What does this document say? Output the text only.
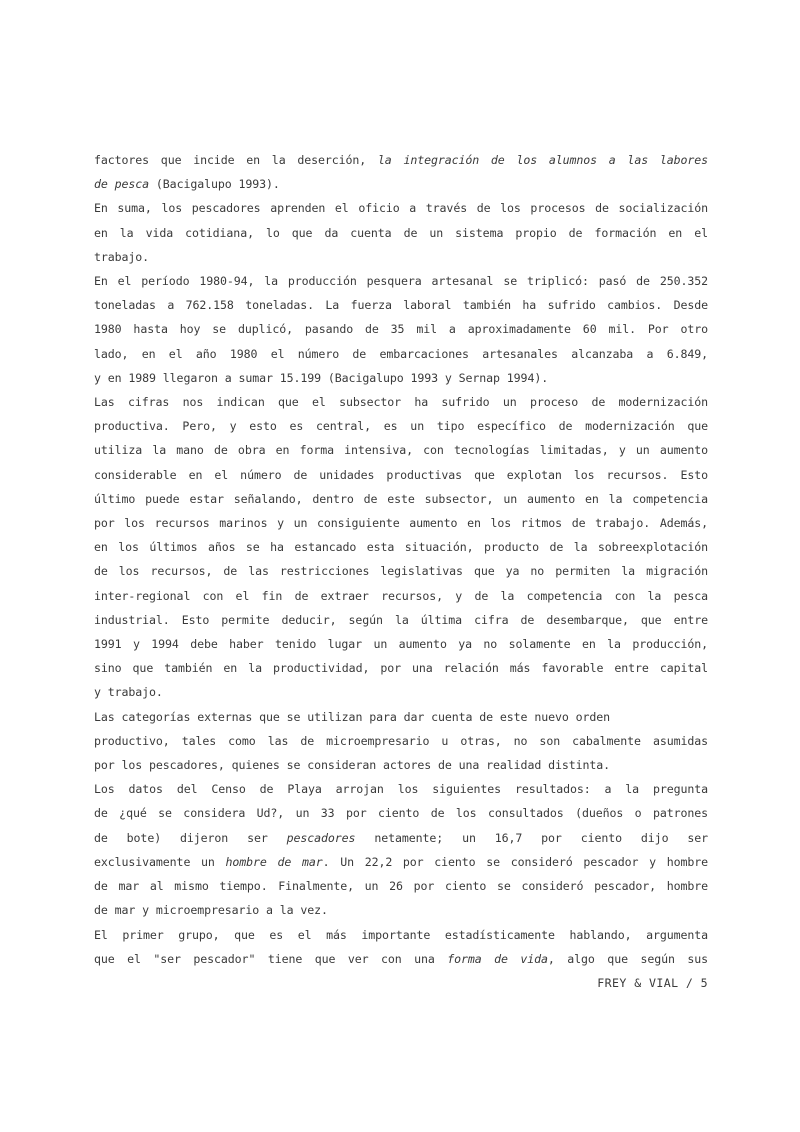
factores que incide en la deserción, la integración de los alumnos a las labores
de pesca (Bacigalupo 1993).
En suma, los pescadores aprenden el oficio a través de los procesos de socialización
en la vida cotidiana, lo que da cuenta de un sistema propio de formación en el
trabajo.
En el período 1980-94, la producción pesquera artesanal se triplicó: pasó de 250.352
toneladas a 762.158 toneladas. La fuerza laboral también ha sufrido cambios. Desde
1980 hasta hoy se duplicó, pasando de 35 mil a aproximadamente 60 mil. Por otro
lado, en el año 1980 el número de embarcaciones artesanales alcanzaba a 6.849,
y en 1989 llegaron a sumar 15.199 (Bacigalupo 1993 y Sernap 1994).
Las cifras nos indican que el subsector ha sufrido un proceso de modernización
productiva. Pero, y esto es central, es un tipo específico de modernización que
utiliza la mano de obra en forma intensiva, con tecnologías limitadas, y un aumento
considerable en el número de unidades productivas que explotan los recursos. Esto
último puede estar señalando, dentro de este subsector, un aumento en la competencia
por los recursos marinos y un consiguiente aumento en los ritmos de trabajo. Además,
en los últimos años se ha estancado esta situación, producto de la sobreexplotación
de los recursos, de las restricciones legislativas que ya no permiten la migración
inter-regional con el fin de extraer recursos, y de la competencia con la pesca
industrial. Esto permite deducir, según la última cifra de desembarque, que entre
1991 y 1994 debe haber tenido lugar un aumento ya no solamente en la producción,
sino que también en la productividad, por una relación más favorable entre capital
y trabajo.
Las categorías externas que se utilizan para dar cuenta de este nuevo orden
productivo, tales como las de microempresario u otras, no son cabalmente asumidas
por los pescadores, quienes se consideran actores de una realidad distinta.
Los datos del Censo de Playa arrojan los siguientes resultados: a la pregunta
de ¿qué se considera Ud?, un 33 por ciento de los consultados (dueños o patrones
de bote) dijeron ser pescadores netamente; un 16,7 por ciento dijo ser
exclusivamente un hombre de mar. Un 22,2 por ciento se consideró pescador y hombre
de mar al mismo tiempo. Finalmente, un 26 por ciento se consideró pescador, hombre
de mar y microempresario a la vez.
El primer grupo, que es el más importante estadísticamente hablando, argumenta
que el "ser pescador" tiene que ver con una forma de vida, algo que según sus
FREY & VIAL / 5
